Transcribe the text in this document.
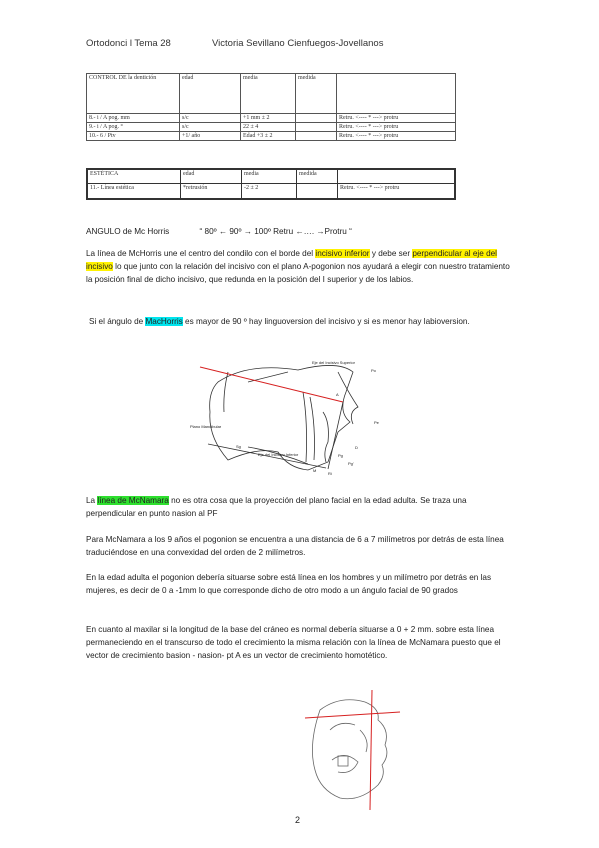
Ortodonci l Tema 28	Victoria Sevillano Cienfuegos-Jovellanos
CONTROL DE la dentición	edad	media	medida	
8.- i / A pog. mm	s/c	+1 mm ± 2		Retru. <---- * ---> protru
9.- i / A pog. °	s/c	22 ± 4		Retru. <---- * ---> protru
10.- 6 / Ptv	+1/ año	Edad +3 ± 2		Retru. <---- * ---> protru
ESTÉTICA	edad	media	medida	
11.- Línea estética	*retrusión	-2 ± 2		Retru. <---- * ---> protru
ANGULO de Mc Horris	“ 80º ← 90º → 100º Retru ←…. →Protru “
La línea de McHorris une el centro del condilo con el borde del incisivo inferior y debe ser perpendicular al eje del incisivo lo que junto con la relación del incisivo con el plano A-pogonion nos ayudará a elegir con nuestro tratamiento la posición final de dicho incisivo, que redunda en la posición del I superior y de los labios.
Si el ángulo de MacHorris es mayor de 90 º hay linguoversion del incisivo y si es menor hay labioversion.
Eje del Incisivo Superior
Po
Plano Mandibular
Sg
Eje del Incisivo Inferior
A
Pg
M
D
Pe
Pg'
Ri
La línea de McNamara no es otra cosa que la proyección del plano facial en la edad adulta. Se traza una perpendicular en punto nasion al PF
Para McNamara a los 9 años el pogonion se encuentra a una distancia de 6 a 7 milímetros por detrás de esta línea traduciéndose en una convexidad del orden de 2 milímetros.
En la edad adulta el pogonion debería situarse sobre está línea en los hombres y un milímetro por detrás en las mujeres, es decir de 0 a -1mm lo que corresponde dicho de otro modo a un ángulo facial de 90 grados
En cuanto al maxilar si la longitud de la base del cráneo es normal debería situarse a 0 + 2 mm. sobre esta línea permaneciendo en el transcurso de todo el crecimiento la misma relación con la línea de McNamara puesto que el vector de crecimiento basion - nasion- pt A es un vector de crecimiento homotético.
2
